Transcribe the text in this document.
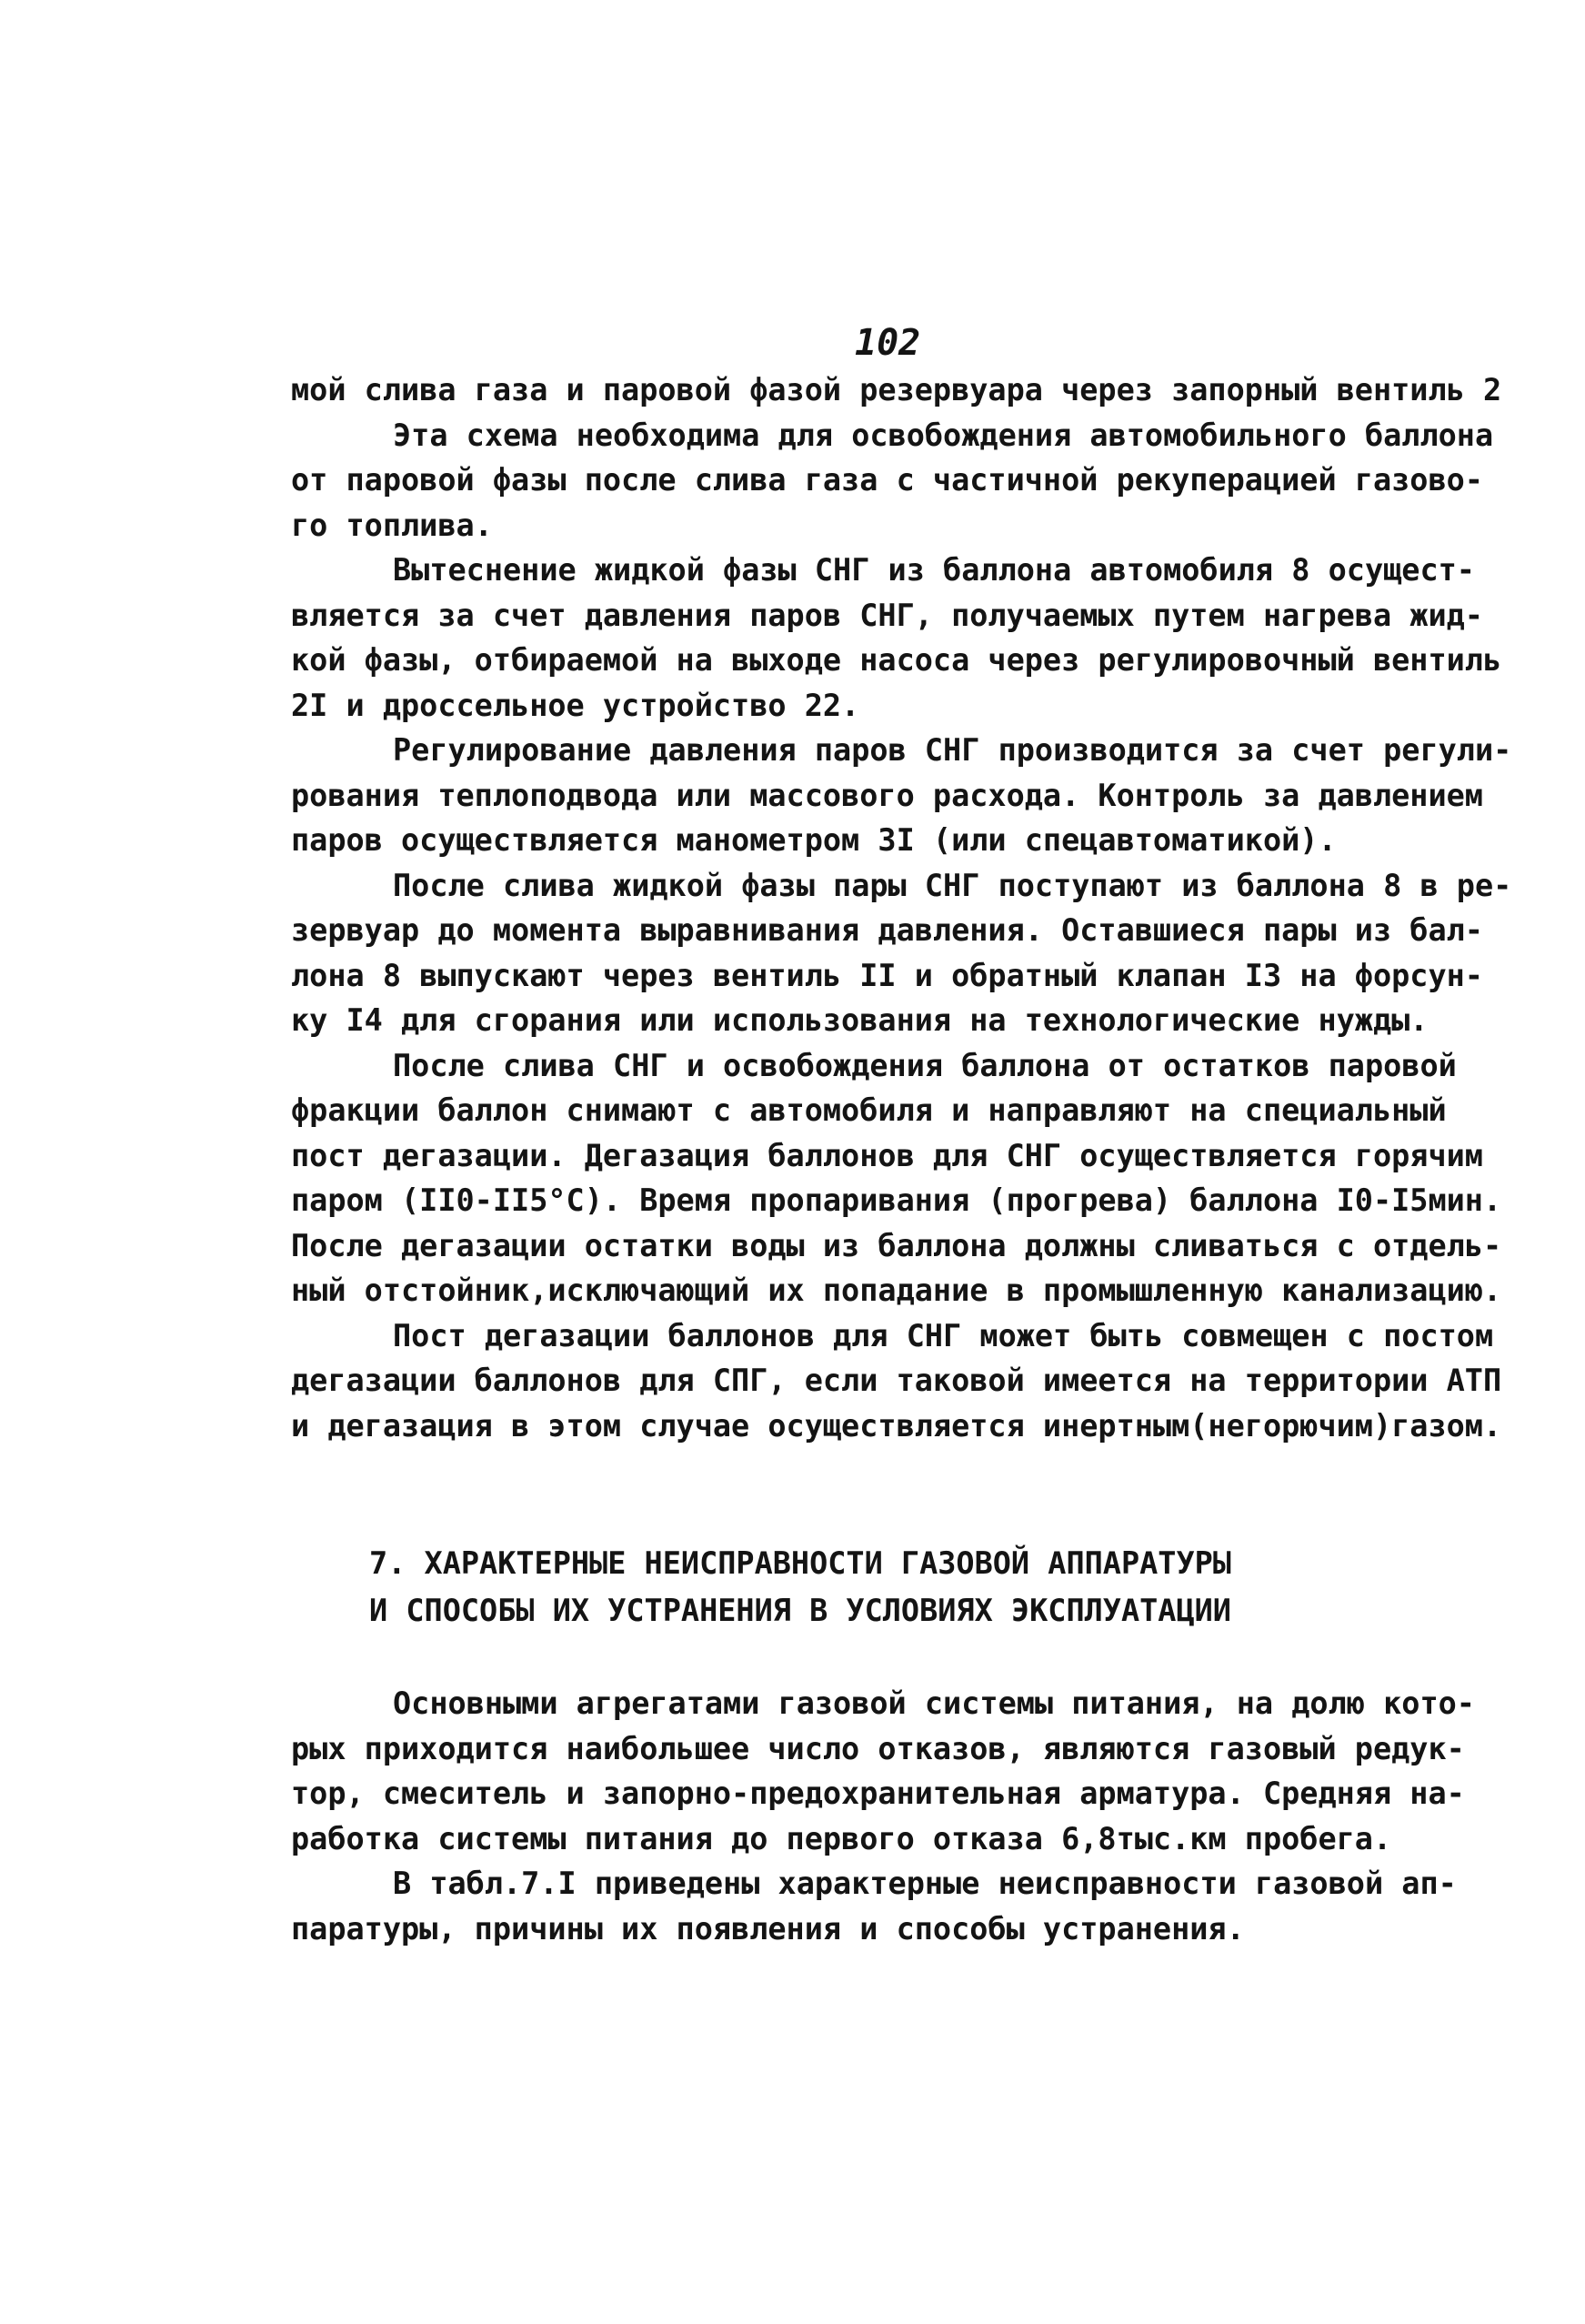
102
мой слива газа и паровой фазой резервуара через запорный вентиль 2
Эта схема необходима для освобождения автомобильного баллона
от паровой фазы после слива газа с частичной рекуперацией газово-
го топлива.
Вытеснение жидкой фазы СНГ из баллона автомобиля 8 осущест-
вляется за счет давления паров СНГ, получаемых путем нагрева жид-
кой фазы, отбираемой на выходе насоса через регулировочный вентиль
2I и дроссельное устройство 22.
Регулирование давления паров СНГ производится за счет регули-
рования теплоподвода или массового расхода. Контроль за давлением
паров осуществляется манометром 3I (или спецавтоматикой).
После слива жидкой фазы пары СНГ поступают из баллона 8 в ре-
зервуар до момента выравнивания давления. Оставшиеся пары из бал-
лона 8 выпускают через вентиль II и обратный клапан I3 на форсун-
ку I4 для сгорания или использования на технологические нужды.
После слива СНГ и освобождения баллона от остатков паровой
фракции баллон снимают с автомобиля и направляют на специальный
пост дегазации. Дегазация баллонов для СНГ осуществляется горячим
паром (II0-II5°С). Время пропаривания (прогрева) баллона I0-I5мин.
После дегазации остатки воды из баллона должны сливаться с отдель-
ный отстойник,исключающий их попадание в промышленную канализацию.
Пост дегазации баллонов для СНГ может быть совмещен с постом
дегазации баллонов для СПГ, если таковой имеется на территории АТП
и дегазация в этом случае осуществляется инертным(негорючим)газом.
7. ХАРАКТЕРНЫЕ НЕИСПРАВНОСТИ ГАЗОВОЙ АППАРАТУРЫ
И СПОСОБЫ ИХ УСТРАНЕНИЯ В УСЛОВИЯХ ЭКСПЛУАТАЦИИ
Основными агрегатами газовой системы питания, на долю кото-
рых приходится наибольшее число отказов, являются газовый редук-
тор, смеситель и запорно-предохранительная арматура. Средняя на-
работка системы питания до первого отказа 6,8тыс.км пробега.
В табл.7.I приведены характерные неисправности газовой ап-
паратуры, причины их появления и способы устранения.
